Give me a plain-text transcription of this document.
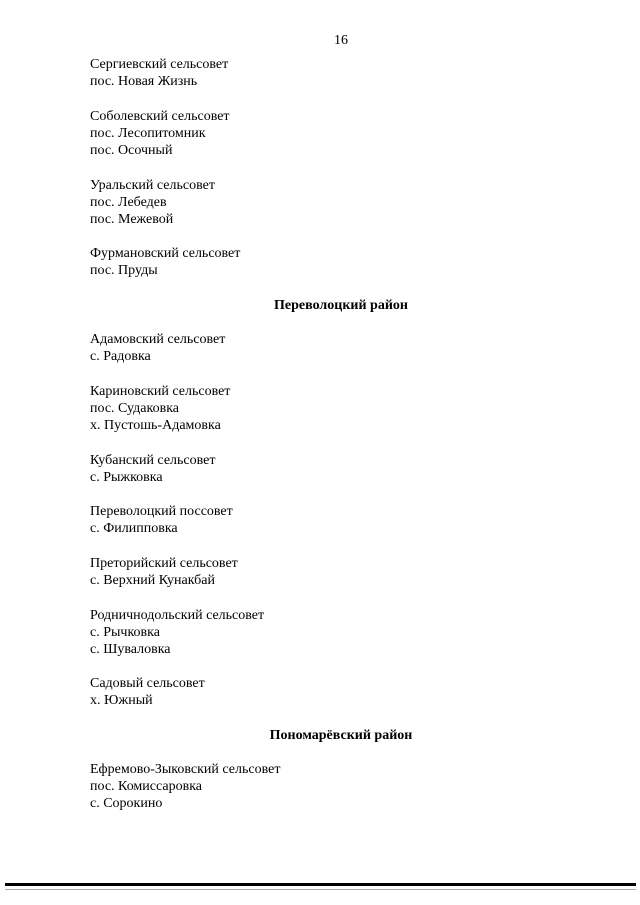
16
Сергиевский сельсовет
пос. Новая Жизнь
Соболевский сельсовет
пос. Лесопитомник
пос. Осочный
Уральский сельсовет
пос. Лебедев
пос. Межевой
Фурмановский сельсовет
пос. Пруды
Переволоцкий район
Адамовский сельсовет
с. Радовка
Кариновский сельсовет
пос. Судаковка
х. Пустошь-Адамовка
Кубанский сельсовет
с. Рыжковка
Переволоцкий поссовет
с. Филипповка
Преторийский сельсовет
с. Верхний Кунакбай
Родничнодольский сельсовет
с. Рычковка
с. Шуваловка
Садовый сельсовет
х. Южный
Пономарёвский район
Ефремово-Зыковский сельсовет
пос. Комиссаровка
с. Сорокино
